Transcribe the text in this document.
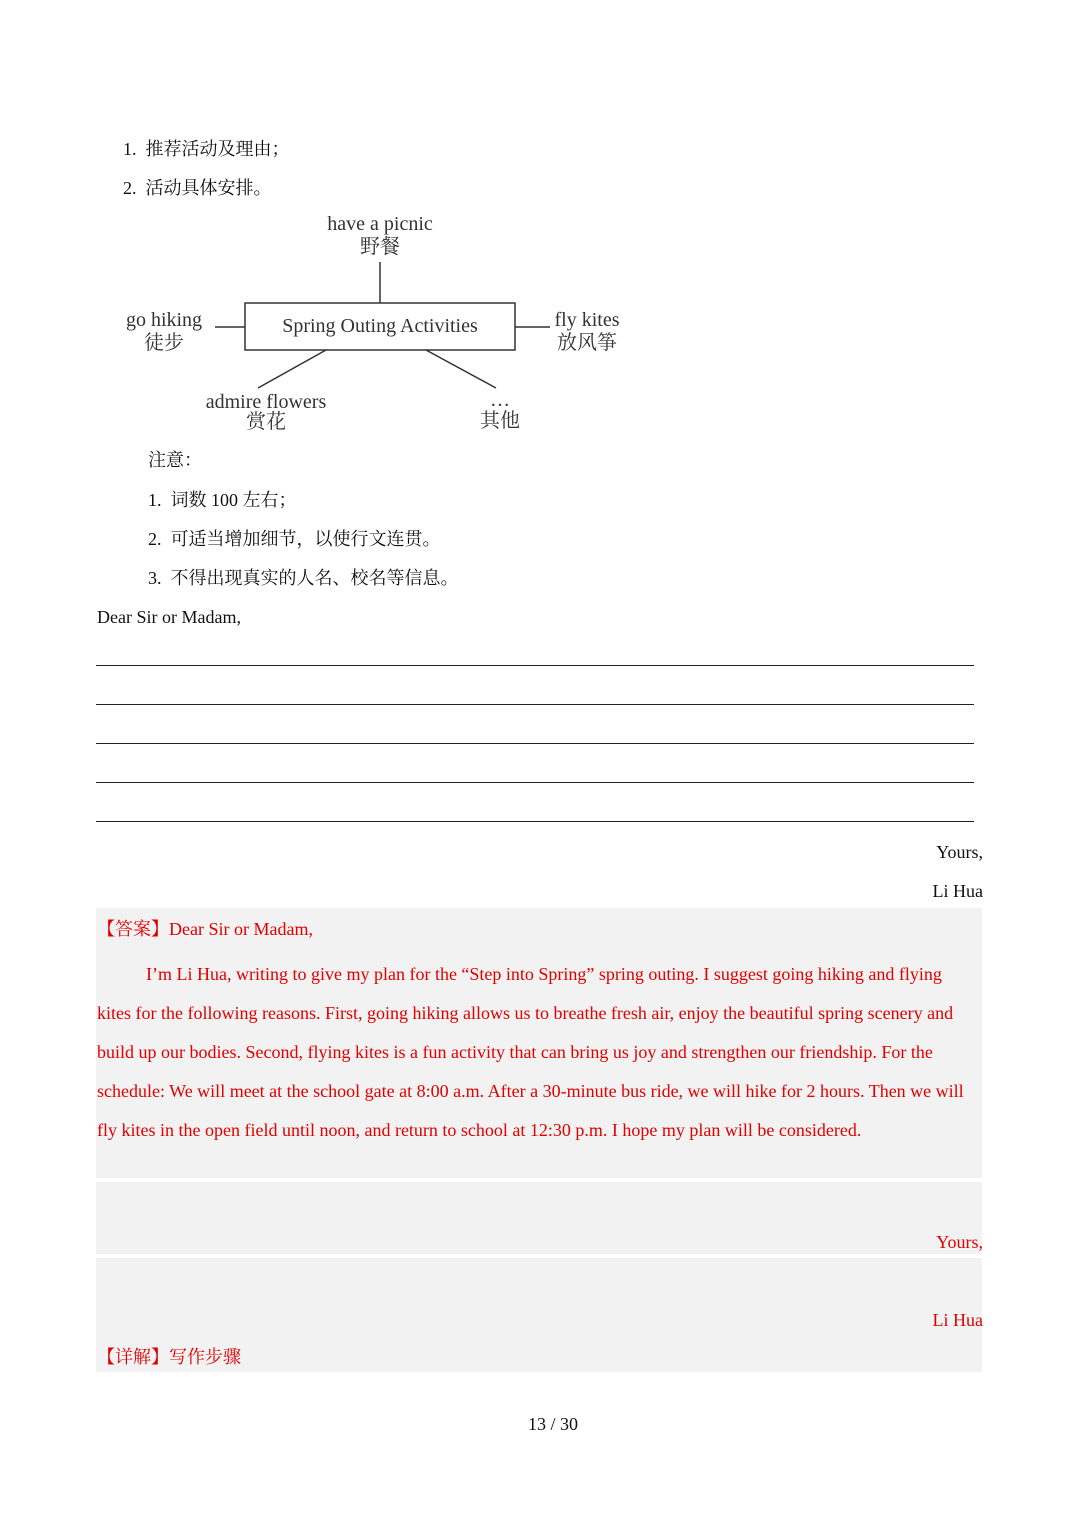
1.  推荐活动及理由；
2.  活动具体安排。
Spring Outing Activities
have a picnic
野餐
go hiking
徒步
fly kites
放风筝
admire flowers
赏花
…
其他
注意：
1.  词数 100 左右；
2.  可适当增加细节，以使行文连贯。
3.  不得出现真实的人名、校名等信息。
Dear Sir or Madam,
Yours,
Li Hua
【答案】Dear Sir or Madam,
I’m Li Hua, writing to give my plan for the “Step into Spring” spring outing. I suggest going hiking and flying kites for the following reasons. First, going hiking allows us to breathe fresh air, enjoy the beautiful spring scenery and build up our bodies. Second, flying kites is a fun activity that can bring us joy and strengthen our friendship. For the schedule: We will meet at the school gate at 8:00 a.m. After a 30-minute bus ride, we will hike for 2 hours. Then we will fly kites in the open field until noon, and return to school at 12:30 p.m. I hope my plan will be considered.
Yours,
Li Hua
【详解】写作步骤
13 / 30
